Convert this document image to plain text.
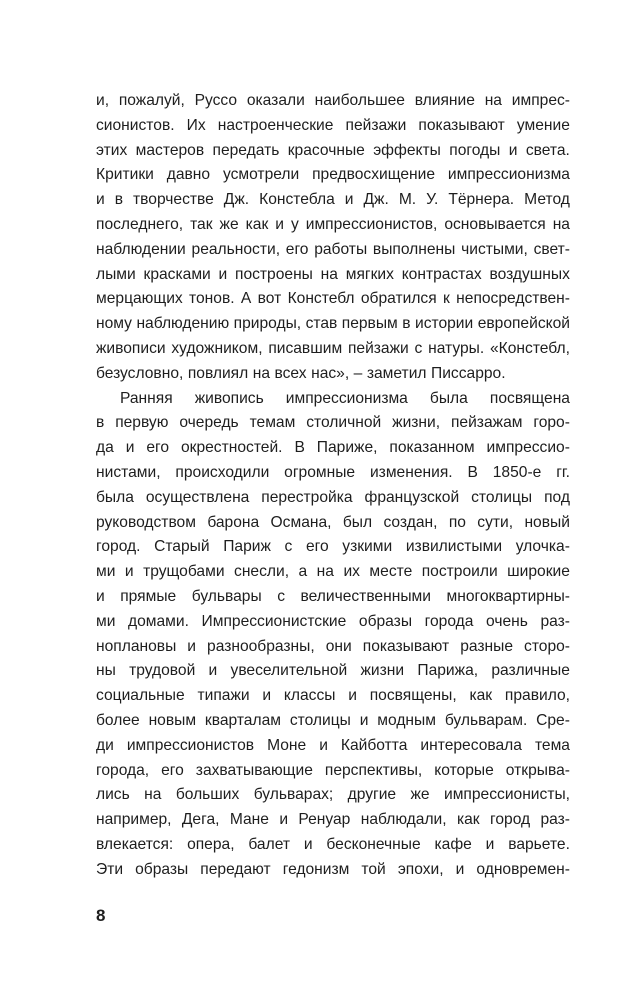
и, пожалуй, Руссо оказали наибольшее влияние на импрес-
сионистов. Их настроенческие пейзажи показывают умение
этих мастеров передать красочные эффекты погоды и света.
Критики давно усмотрели предвосхищение импрессионизма
и в творчестве Дж. Констебла и Дж. М. У. Тёрнера. Метод
последнего, так же как и у импрессионистов, основывается на
наблюдении реальности, его работы выполнены чистыми, свет-
лыми красками и построены на мягких контрастах воздушных
мерцающих тонов. А вот Констебл обратился к непосредствен-
ному наблюдению природы, став первым в истории европейской
живописи художником, писавшим пейзажи с натуры. «Констебл,
безусловно, повлиял на всех нас», – заметил Писсарро.
Ранняя живопись импрессионизма была посвящена
в первую очередь темам столичной жизни, пейзажам горо-
да и его окрестностей. В Париже, показанном импрессио-
нистами, происходили огромные изменения. В 1850-е гг.
была осуществлена перестройка французской столицы под
руководством барона Османа, был создан, по сути, новый
город. Старый Париж с его узкими извилистыми улочка-
ми и трущобами снесли, а на их месте построили широкие
и прямые бульвары с величественными многоквартирны-
ми домами. Импрессионистские образы города очень раз-
ноплановы и разнообразны, они показывают разные сторо-
ны трудовой и увеселительной жизни Парижа, различные
социальные типажи и классы и посвящены, как правило,
более новым кварталам столицы и модным бульварам. Сре-
ди импрессионистов Моне и Кайботта интересовала тема
города, его захватывающие перспективы, которые открыва-
лись на больших бульварах; другие же импрессионисты,
например, Дега, Мане и Ренуар наблюдали, как город раз-
влекается: опера, балет и бесконечные кафе и варьете.
Эти образы передают гедонизм той эпохи, и одновремен-
8
